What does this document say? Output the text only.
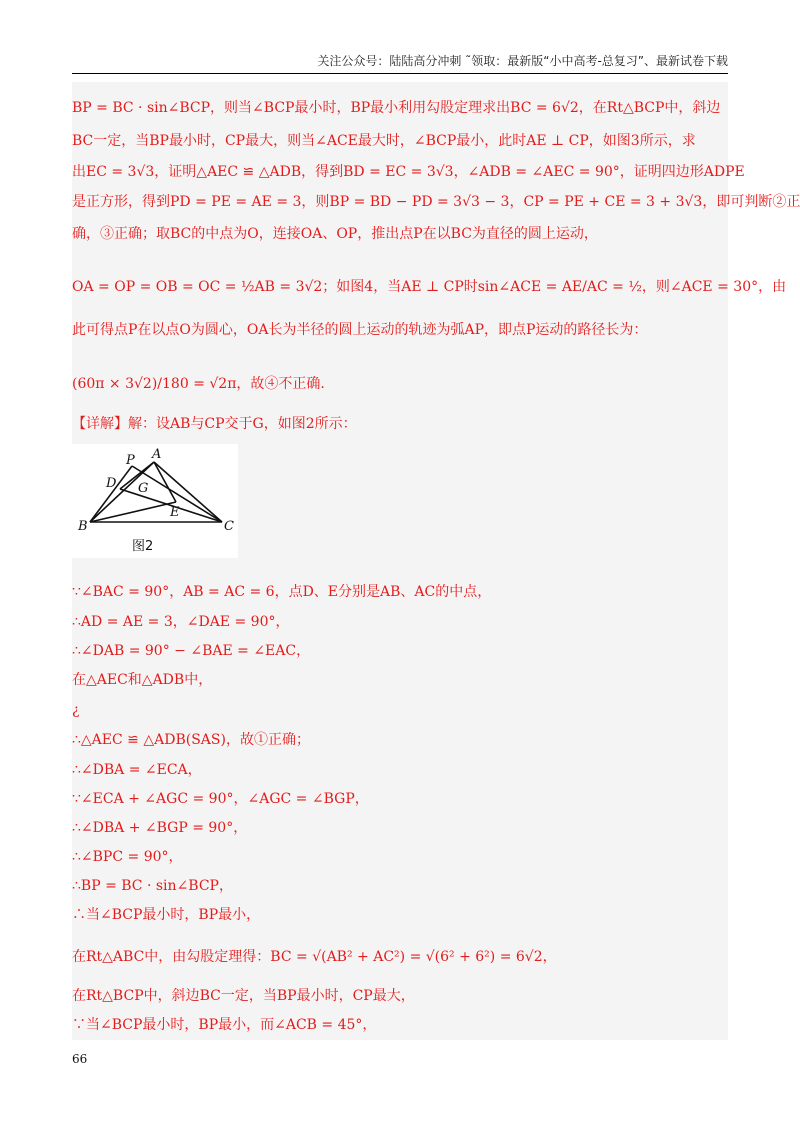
关注公众号：陆陆高分冲刺 ˜领取：最新版“小中高考-总复习”、最新试卷下载
BP = BC · sin∠BCP，则当∠BCP最小时，BP最小利用勾股定理求出BC = 6√2，在Rt△BCP中，斜边
BC一定，当BP最小时，CP最大，则当∠ACE最大时，∠BCP最小，此时AE ⊥ CP，如图3所示，求
出EC = 3√3，证明△AEC ≌ △ADB，得到BD = EC = 3√3，∠ADB = ∠AEC = 90°，证明四边形ADPE
是正方形，得到PD = PE = AE = 3，则BP = BD − PD = 3√3 − 3，CP = PE + CE = 3 + 3√3，即可判断②正
确，③正确；取BC的中点为O，连接OA、OP，推出点P在以BC为直径的圆上运动，
OA = OP = OB = OC = ½AB = 3√2；如图4，当AE ⊥ CP时sin∠ACE = AE/AC = ½，则∠ACE = 30°，由
此可得点P在以点O为圆心，OA长为半径的圆上运动的轨迹为弧AP，即点P运动的路径长为：
(60π × 3√2)/180 = √2π，故④不正确.
【详解】解：设AB与CP交于G，如图2所示：
P A
D G
E
B	C
图2
∵∠BAC = 90°，AB = AC = 6，点D、E分别是AB、AC的中点，
∴AD = AE = 3，∠DAE = 90°，
∴∠DAB = 90° − ∠BAE = ∠EAC，
在△AEC和△ADB中，
¿
∴△AEC ≌ △ADB(SAS)，故①正确；
∴∠DBA = ∠ECA，
∵∠ECA + ∠AGC = 90°，∠AGC = ∠BGP，
∴∠DBA + ∠BGP = 90°，
∴∠BPC = 90°，
∴BP = BC · sin∠BCP，
∴当∠BCP最小时，BP最小，
在Rt△ABC中，由勾股定理得：BC = √(AB² + AC²) = √(6² + 6²) = 6√2，
在Rt△BCP中，斜边BC一定，当BP最小时，CP最大，
∵当∠BCP最小时，BP最小，而∠ACB = 45°，
66
